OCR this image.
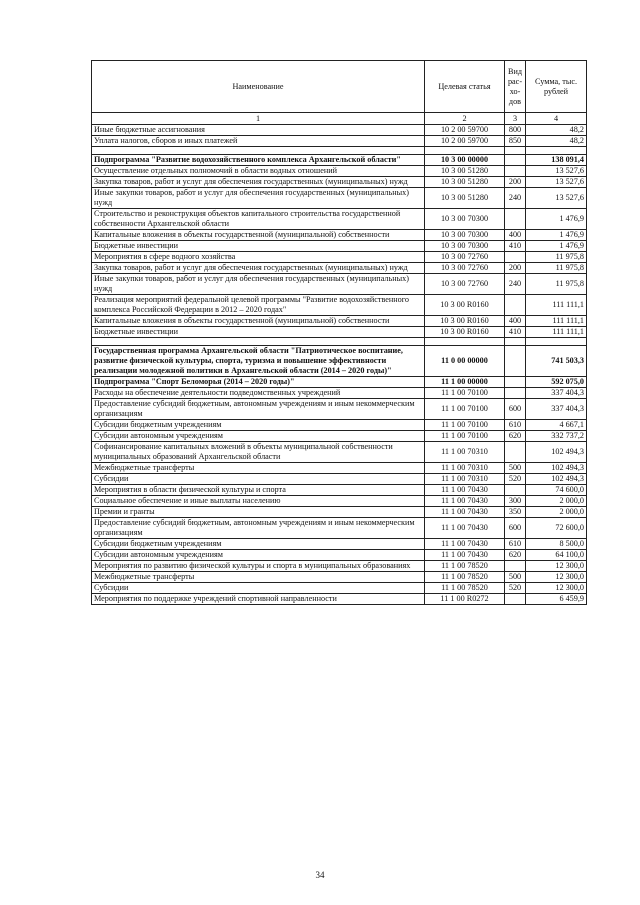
Наименование	Целевая статья	Вид рас-хо-дов	Сумма, тыс. рублей
1	2	3	4
Иные бюджетные ассигнования	10 2 00 59700	800	48,2
Уплата налогов, сборов и иных платежей	10 2 00 59700	850	48,2

Подпрограмма "Развитие водохозяйственного комплекса Архангельской области"	10 3 00 00000		138 091,4
Осуществление отдельных полномочий в области водных отношений	10 3 00 51280		13 527,6
Закупка товаров, работ и услуг для обеспечения государственных (муниципальных) нужд	10 3 00 51280	200	13 527,6
Иные закупки товаров, работ и услуг для обеспечения государственных (муниципальных) нужд	10 3 00 51280	240	13 527,6
Строительство и реконструкция объектов капитального строительства государственной собственности Архангельской области	10 3 00 70300		1 476,9
Капитальные вложения в объекты государственной (муниципальной) собственности	10 3 00 70300	400	1 476,9
Бюджетные инвестиции	10 3 00 70300	410	1 476,9
Мероприятия в сфере водного хозяйства	10 3 00 72760		11 975,8
Закупка товаров, работ и услуг для обеспечения государственных (муниципальных) нужд	10 3 00 72760	200	11 975,8
Иные закупки товаров, работ и услуг для обеспечения государственных (муниципальных) нужд	10 3 00 72760	240	11 975,8
Реализация мероприятий федеральной целевой программы "Развитие водохозяйственного комплекса Российской Федерации в 2012 – 2020 годах"	10 3 00 R0160		111 111,1
Капитальные вложения в объекты государственной (муниципальной) собственности	10 3 00 R0160	400	111 111,1
Бюджетные инвестиции	10 3 00 R0160	410	111 111,1

Государственная программа Архангельской области "Патриотическое воспитание, развитие физической культуры, спорта, туризма и повышение эффективности реализации молодежной политики в Архангельской области (2014 – 2020 годы)"	11 0 00 00000		741 503,3
Подпрограмма "Спорт Беломорья (2014 – 2020 годы)"	11 1 00 00000		592 075,0
Расходы на обеспечение деятельности подведомственных учреждений	11 1 00 70100		337 404,3
Предоставление субсидий бюджетным, автономным учреждениям и иным некоммерческим организациям	11 1 00 70100	600	337 404,3
Субсидии бюджетным учреждениям	11 1 00 70100	610	4 667,1
Субсидии автономным учреждениям	11 1 00 70100	620	332 737,2
Софинансирование капитальных вложений в объекты муниципальной собственности муниципальных образований Архангельской области	11 1 00 70310		102 494,3
Межбюджетные трансферты	11 1 00 70310	500	102 494,3
Субсидии	11 1 00 70310	520	102 494,3
Мероприятия в области физической культуры и спорта	11 1 00 70430		74 600,0
Социальное обеспечение и иные выплаты населению	11 1 00 70430	300	2 000,0
Премии и гранты	11 1 00 70430	350	2 000,0
Предоставление субсидий бюджетным, автономным учреждениям и иным некоммерческим организациям	11 1 00 70430	600	72 600,0
Субсидии бюджетным учреждениям	11 1 00 70430	610	8 500,0
Субсидии автономным учреждениям	11 1 00 70430	620	64 100,0
Мероприятия по развитию физической культуры и спорта в муниципальных образованиях	11 1 00 78520		12 300,0
Межбюджетные трансферты	11 1 00 78520	500	12 300,0
Субсидии	11 1 00 78520	520	12 300,0
Мероприятия по поддержке учреждений спортивной направленности	11 1 00 R0272		6 459,9
34
